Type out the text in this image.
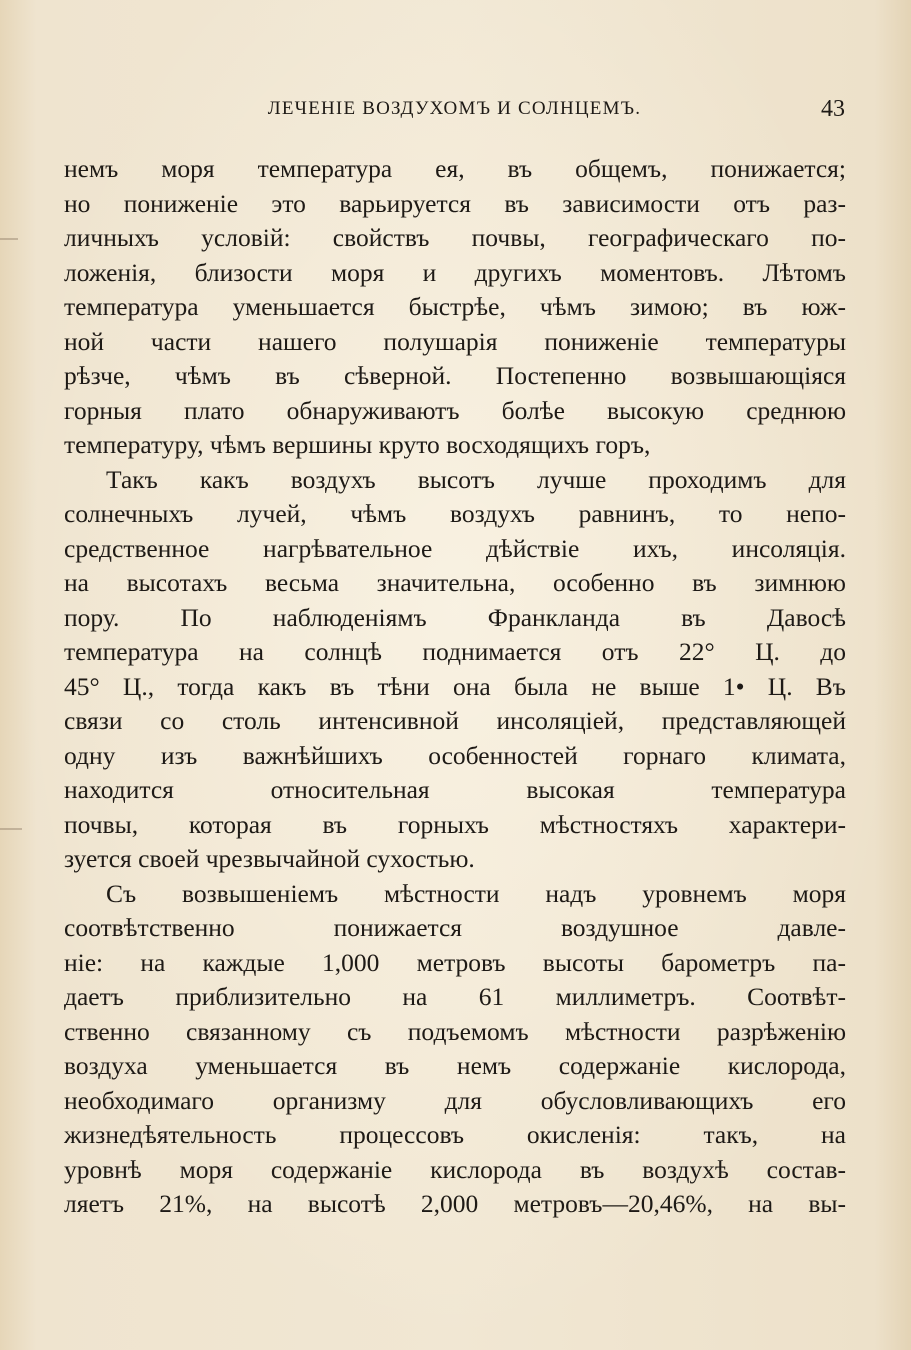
ЛЕЧЕНІЕ ВОЗДУХОМЪ И СОЛНЦЕМЪ.	43
немъ моря температура ея, въ общемъ, понижается;
но пониженіе это варьируется въ зависимости отъ раз-
личныхъ условій: свойствъ почвы, географическаго по-
ложенія, близости моря и другихъ моментовъ. Лѣтомъ
температура уменьшается быстрѣе, чѣмъ зимою; въ юж-
ной части нашего полушарія пониженіе температуры
рѣзче, чѣмъ въ сѣверной. Постепенно возвышающіяся
горныя плато обнаруживаютъ болѣе высокую среднюю
температуру, чѣмъ вершины круто восходящихъ горъ,
Такъ какъ воздухъ высотъ лучше проходимъ для
солнечныхъ лучей, чѣмъ воздухъ равнинъ, то непо-
средственное нагрѣвательное дѣйствіе ихъ, инсоляція.
на высотахъ весьма значительна, особенно въ зимнюю
пору. По наблюденіямъ Франкланда въ Давосѣ
температура на солнцѣ поднимается отъ 22° Ц. до
45° Ц., тогда какъ въ тѣни она была не выше 1• Ц. Въ
связи со столь интенсивной инсоляціей, представляющей
одну изъ важнѣйшихъ особенностей горнаго климата,
находится относительная высокая температура
почвы, которая въ горныхъ мѣстностяхъ характери-
зуется своей чрезвычайной сухостью.
Съ возвышеніемъ мѣстности надъ уровнемъ моря
соотвѣтственно понижается воздушное давле-
ніе: на каждые 1,000 метровъ высоты барометръ па-
даетъ приблизительно на 61 миллиметръ. Соотвѣт-
ственно связанному съ подъемомъ мѣстности разрѣженію
воздуха уменьшается въ немъ содержаніе кислорода,
необходимаго организму для обусловливающихъ его
жизнедѣятельность процессовъ окисленія: такъ, на
уровнѣ моря содержаніе кислорода въ воздухѣ состав-
ляетъ 21%, на высотѣ 2,000 метровъ—20,46%, на вы-
